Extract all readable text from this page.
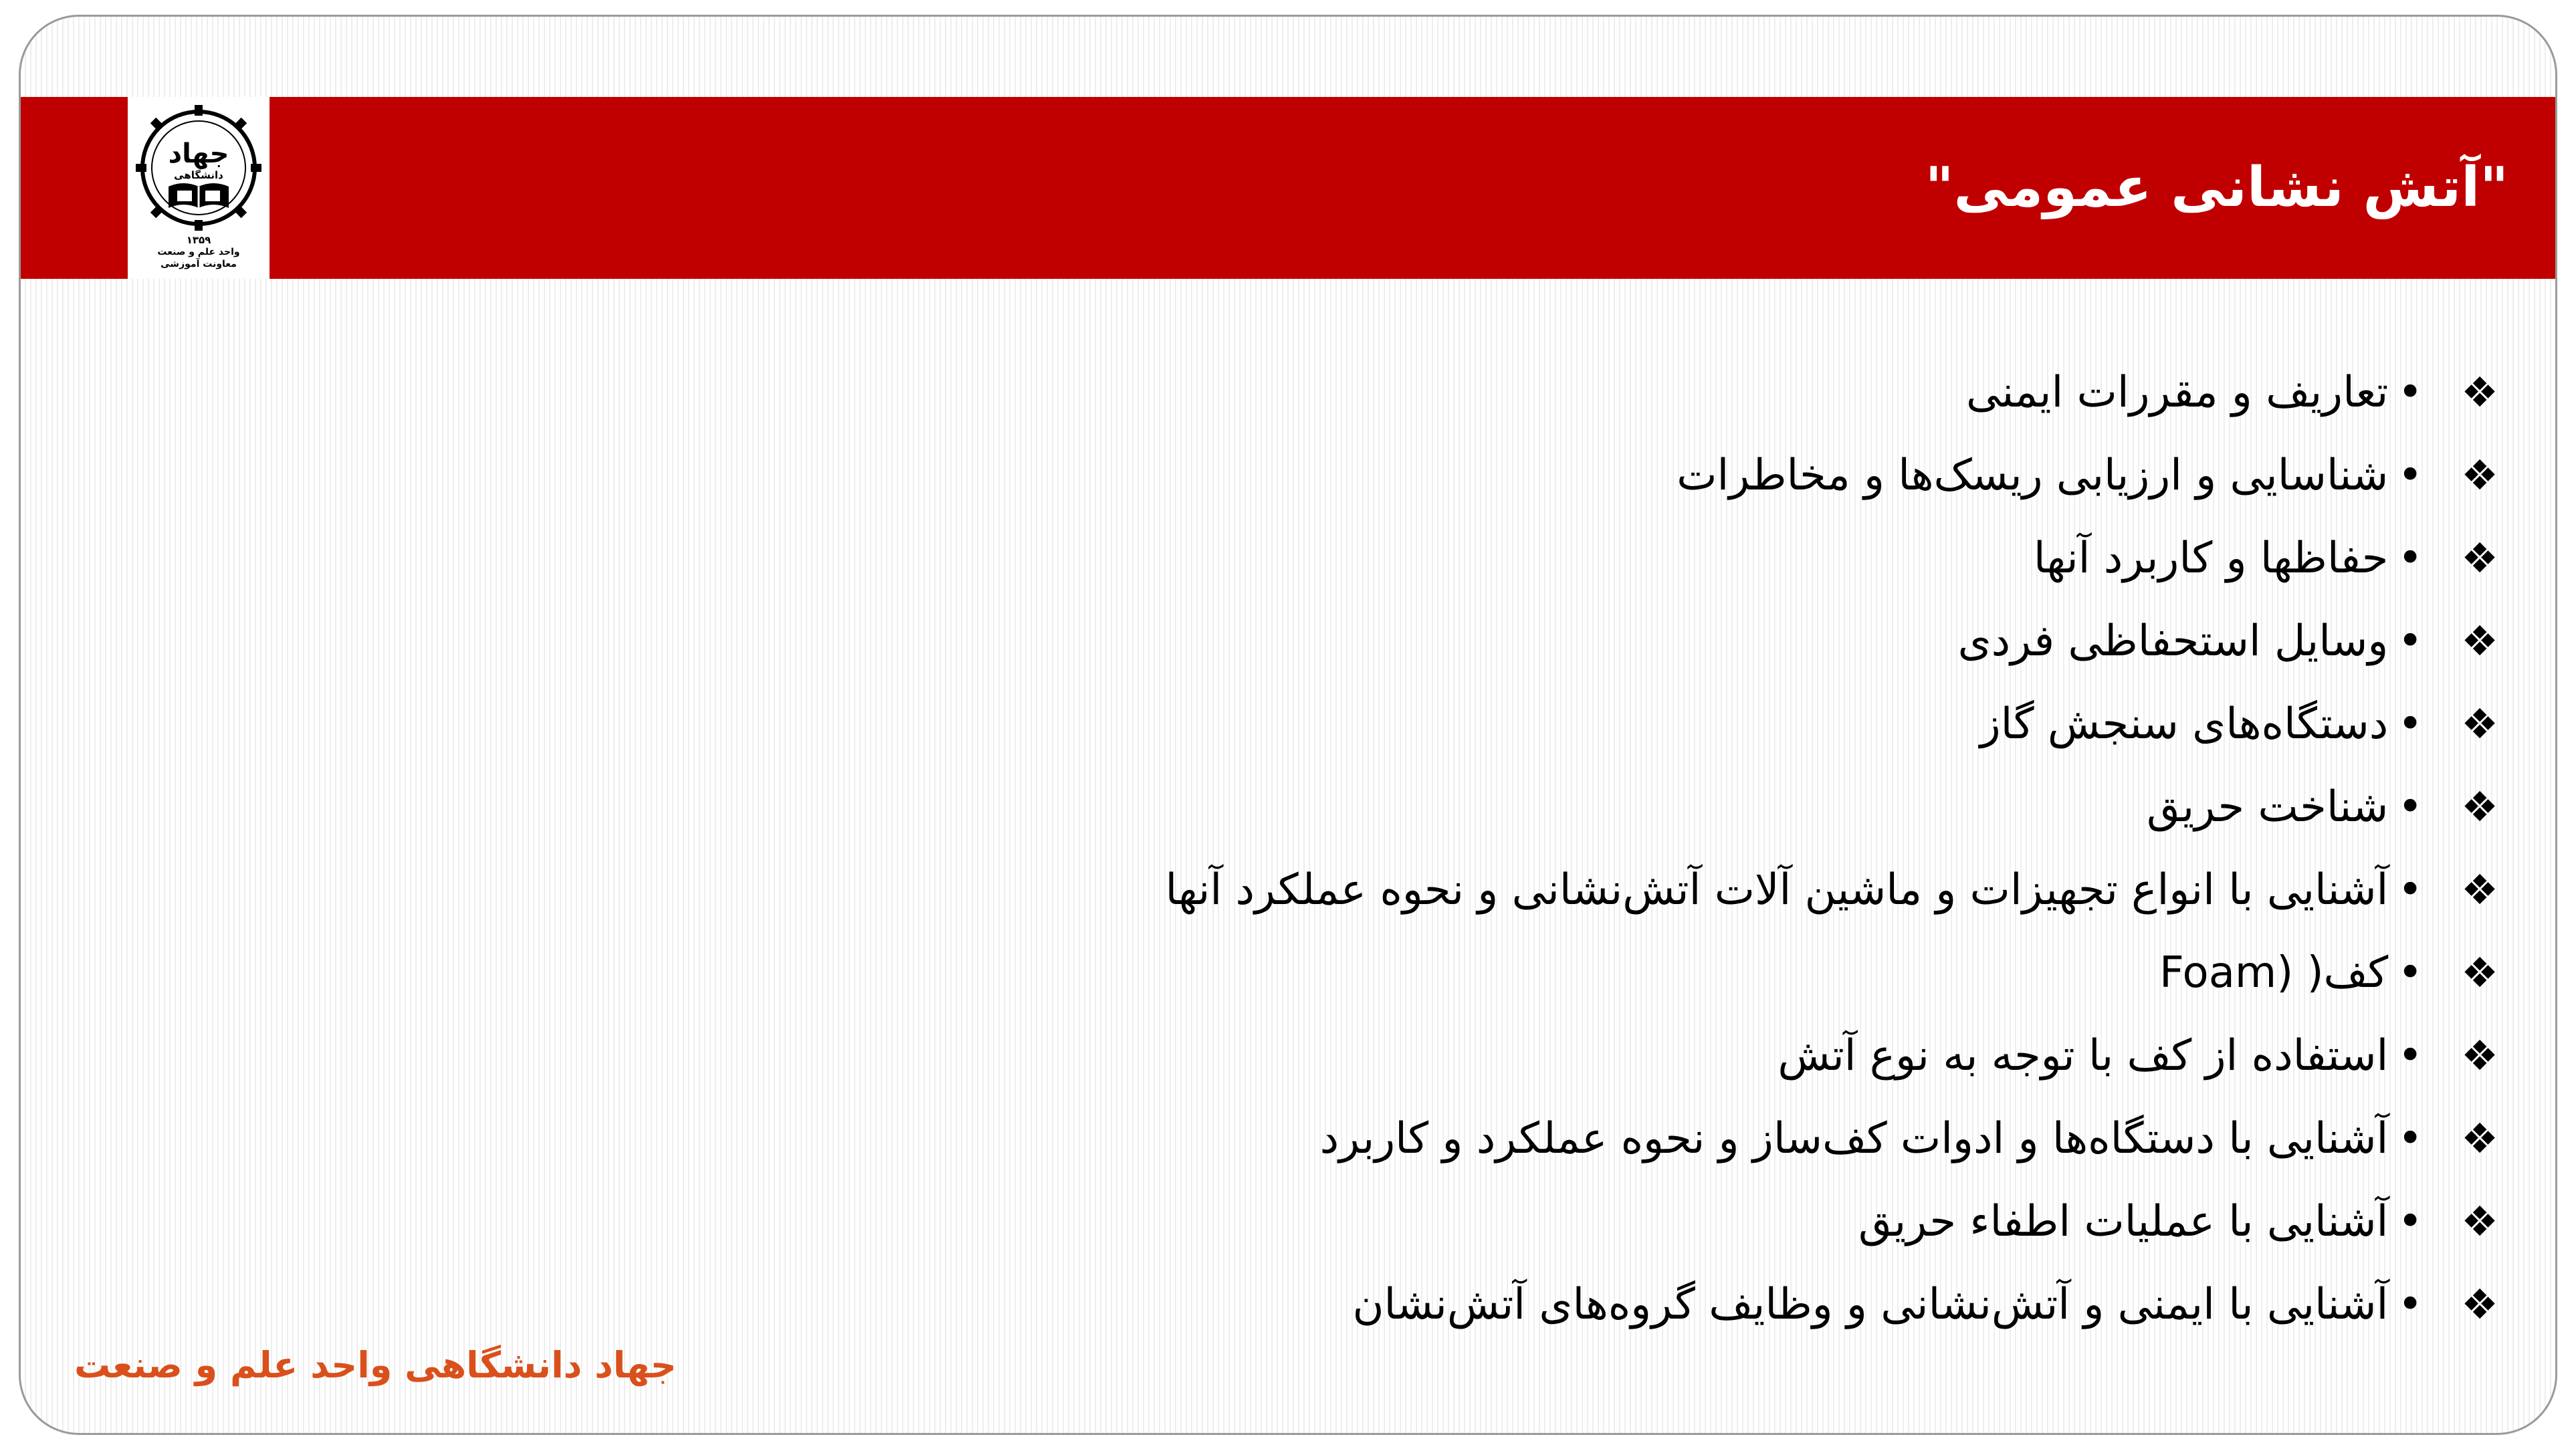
"آتش نشانی عمومی"
جهاد
دانشگاهی
۱۳۵۹
واحد علم و صنعت
معاونت آموزشی
❖
•تعاریف و مقررات ایمنی
❖
•شناسایی و ارزیابی ریسک‌ها و مخاطرات
❖
•حفاظها و کاربرد آنها
❖
•وسایل استحفاظی فردی
❖
•دستگاه‌های سنجش گاز
❖
•شناخت حریق
❖
•آشنایی با انواع تجهیزات و ماشین آلات آتش‌نشانی و نحوه عملکرد آنها
❖
•کف( (Foam
❖
•استفاده از کف با توجه به نوع آتش
❖
•آشنایی با دستگاه‌ها و ادوات کف‌ساز و نحوه عملکرد و کاربرد
❖
•آشنایی با عملیات اطفاء حریق
❖
•آشنایی با ایمنی و آتش‌نشانی و وظایف گروه‌های آتش‌نشان
جهاد دانشگاهی واحد علم و صنعت
